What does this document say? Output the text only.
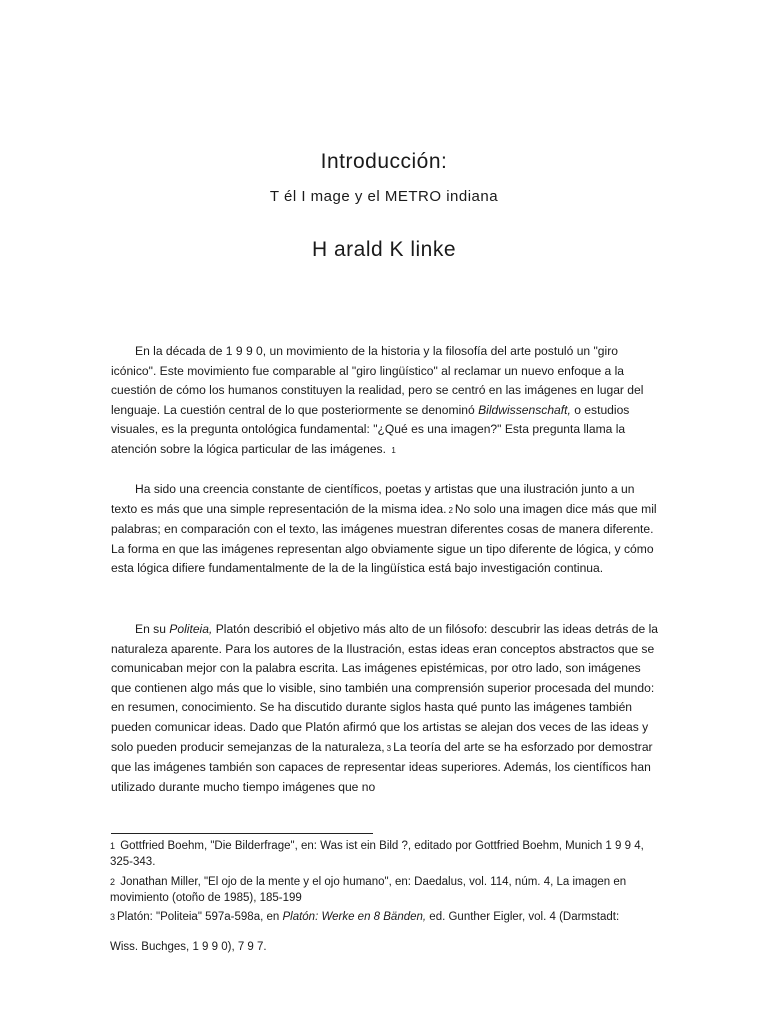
Introducción:
T él I mage y el METRO indiana
H arald K linke

En la década de 1 9 9 0, un movimiento de la historia y la filosofía del arte postuló un "giro icónico". Este movimiento fue comparable al "giro lingüístico" al reclamar un nuevo enfoque a la cuestión de cómo los humanos constituyen la realidad, pero se centró en las imágenes en lugar del lenguaje. La cuestión central de lo que posteriormente se denominó Bildwissenschaft, o estudios visuales, es la pregunta ontológica fundamental: "¿Qué es una imagen?" Esta pregunta llama la atención sobre la lógica particular de las imágenes. 1

Ha sido una creencia constante de científicos, poetas y artistas que una ilustración junto a un texto es más que una simple representación de la misma idea. 2 No solo una imagen dice más que mil palabras; en comparación con el texto, las imágenes muestran diferentes cosas de manera diferente. La forma en que las imágenes representan algo obviamente sigue un tipo diferente de lógica, y cómo esta lógica difiere fundamentalmente de la de la lingüística está bajo investigación continua.

En su Politeia, Platón describió el objetivo más alto de un filósofo: descubrir las ideas detrás de la naturaleza aparente. Para los autores de la Ilustración, estas ideas eran conceptos abstractos que se comunicaban mejor con la palabra escrita. Las imágenes epistémicas, por otro lado, son imágenes que contienen algo más que lo visible, sino también una comprensión superior procesada del mundo: en resumen, conocimiento. Se ha discutido durante siglos hasta qué punto las imágenes también pueden comunicar ideas. Dado que Platón afirmó que los artistas se alejan dos veces de las ideas y solo pueden producir semejanzas de la naturaleza, 3 La teoría del arte se ha esforzado por demostrar que las imágenes también son capaces de representar ideas superiores. Además, los científicos han utilizado durante mucho tiempo imágenes que no

1 Gottfried Boehm, "Die Bilderfrage", en: Was ist ein Bild ?, editado por Gottfried Boehm, Munich 1 9 9 4,

325-343.

2 Jonathan Miller, "El ojo de la mente y el ojo humano", en: Daedalus, vol. 114, núm. 4, La imagen en

movimiento (otoño de 1985), 185-199

3 Platón: "Politeia" 597a-598a, en Platón: Werke en 8 Bänden, ed. Gunther Eigler, vol. 4 (Darmstadt:

Wiss. Buchges, 1 9 9 0), 7 9 7.
